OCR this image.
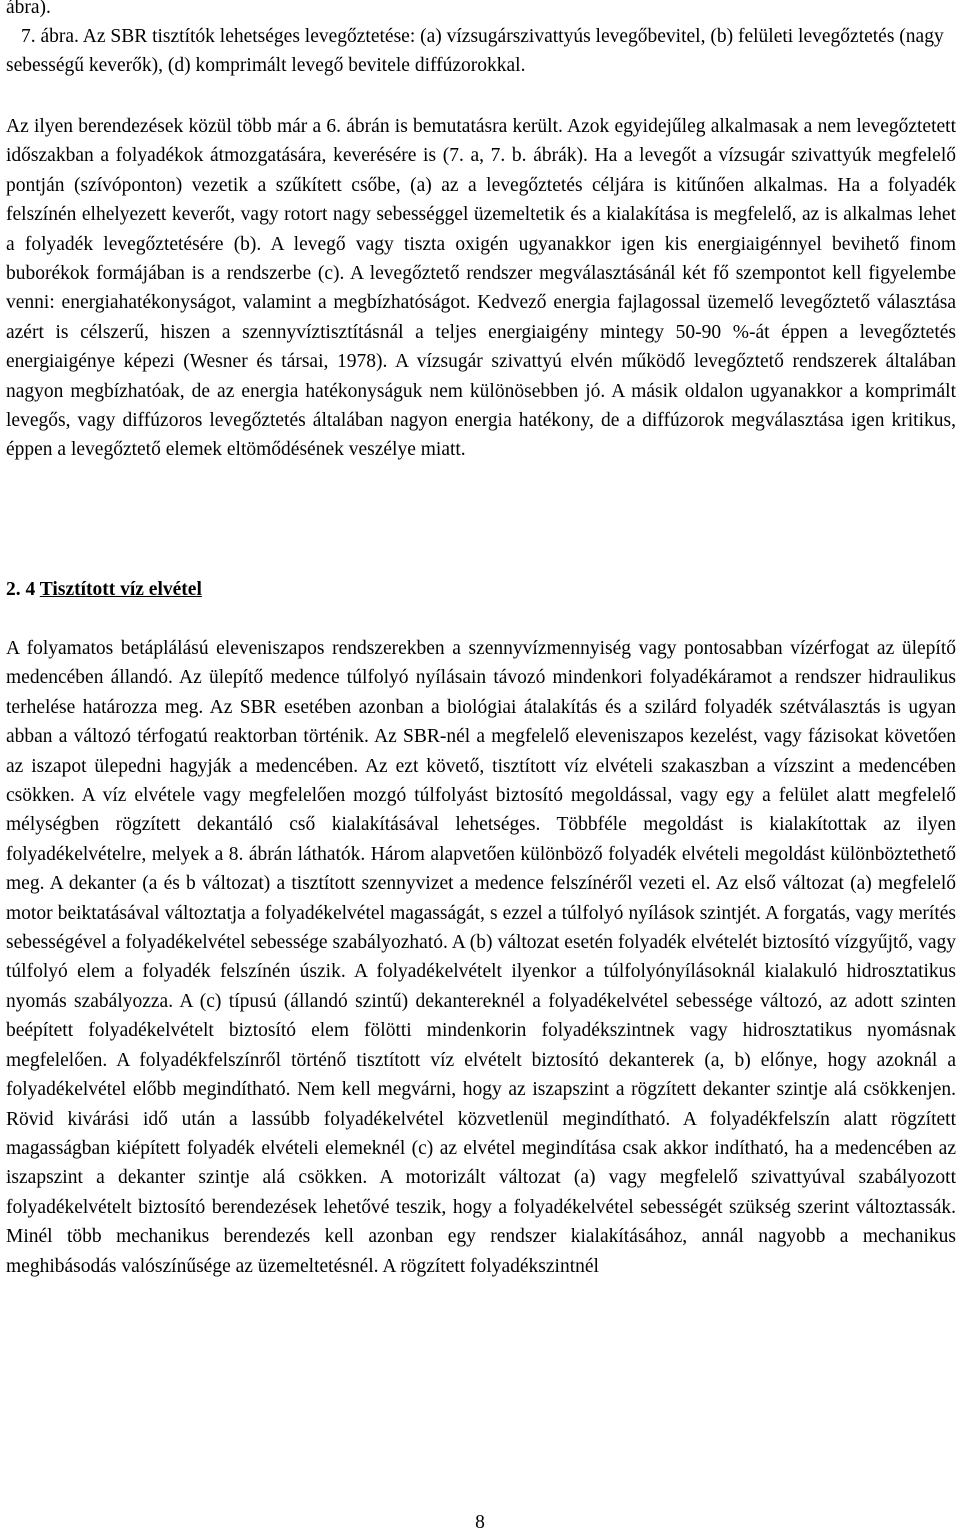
ábra).
7. ábra. Az SBR tisztítók lehetséges levegőztetése: (a) vízsugárszivattyús levegőbevitel, (b) felületi levegőztetés (nagy sebességű keverők), (d) komprimált levegő bevitele diffúzorokkal.

Az ilyen berendezések közül több már a 6. ábrán is bemutatásra került. Azok egyidejűleg alkalmasak a nem levegőztetett időszakban a folyadékok átmozgatására, keverésére is (7. a, 7. b. ábrák). Ha a levegőt a vízsugár szivattyúk megfelelő pontján (szívóponton) vezetik a szűkített csőbe, (a) az a levegőztetés céljára is kitűnően alkalmas. Ha a folyadék felszínén elhelyezett keverőt, vagy rotort nagy sebességgel üzemeltetik és a kialakítása is megfelelő, az is alkalmas lehet a folyadék levegőztetésére (b). A levegő vagy tiszta oxigén ugyanakkor igen kis energiaigénnyel bevihető finom buborékok formájában is a rendszerbe (c). A levegőztető rendszer megválasztásánál két fő szempontot kell figyelembe venni: energiahatékonyságot, valamint a megbízhatóságot. Kedvező energia fajlagossal üzemelő levegőztető választása azért is célszerű, hiszen a szennyvíztisztításnál a teljes energiaigény mintegy 50-90 %-át éppen a levegőztetés energiaigénye képezi (Wesner és társai, 1978). A vízsugár szivattyú elvén működő levegőztető rendszerek általában nagyon megbízhatóak, de az energia hatékonyságuk nem különösebben jó. A másik oldalon ugyanakkor a komprimált levegős, vagy diffúzoros levegőztetés általában nagyon energia hatékony, de a diffúzorok megválasztása igen kritikus, éppen a levegőztető elemek eltömődésének veszélye miatt.

2. 4 Tisztított víz elvétel

A folyamatos betáplálású eleveniszapos rendszerekben a szennyvízmennyiség vagy pontosabban vízérfogat az ülepítő medencében állandó. Az ülepítő medence túlfolyó nyílásain távozó mindenkori folyadékáramot a rendszer hidraulikus terhelése határozza meg. Az SBR esetében azonban a biológiai átalakítás és a szilárd folyadék szétválasztás is ugyan abban a változó térfogatú reaktorban történik. Az SBR-nél a megfelelő eleveniszapos kezelést, vagy fázisokat követően az iszapot ülepedni hagyják a medencében. Az ezt követő, tisztított víz elvételi szakaszban a vízszint a medencében csökken. A víz elvétele vagy megfelelően mozgó túlfolyást biztosító megoldással, vagy egy a felület alatt megfelelő mélységben rögzített dekantáló cső kialakításával lehetséges. Többféle megoldást is kialakítottak az ilyen folyadékelvételre, melyek a 8. ábrán láthatók. Három alapvetően különböző folyadék elvételi megoldást különböztethető meg. A dekanter (a és b változat) a tisztított szennyvizet a medence felszínéről vezeti el. Az első változat (a) megfelelő motor beiktatásával változtatja a folyadékelvétel magasságát, s ezzel a túlfolyó nyílások szintjét. A forgatás, vagy merítés sebességével a folyadékelvétel sebessége szabályozható. A (b) változat esetén folyadék elvételét biztosító vízgyűjtő, vagy túlfolyó elem a folyadék felszínén úszik. A folyadékelvételt ilyenkor a túlfolyónyílásoknál kialakuló hidrosztatikus nyomás szabályozza. A (c) típusú (állandó szintű) dekantereknél a folyadékelvétel sebessége változó, az adott szinten beépített folyadékelvételt biztosító elem fölötti mindenkorin folyadékszintnek vagy hidrosztatikus nyomásnak megfelelően. A folyadékfelszínről történő tisztított víz elvételt biztosító dekanterek (a, b) előnye, hogy azoknál a folyadékelvétel előbb megindítható. Nem kell megvárni, hogy az iszapszint a rögzített dekanter szintje alá csökkenjen. Rövid kivárási idő után a lassúbb folyadékelvétel közvetlenül megindítható. A folyadékfelszín alatt rögzített magasságban kiépített folyadék elvételi elemeknél (c) az elvétel megindítása csak akkor indítható, ha a medencében az iszapszint a dekanter szintje alá csökken. A motorizált változat (a) vagy megfelelő szivattyúval szabályozott folyadékelvételt biztosító berendezések lehetővé teszik, hogy a folyadékelvétel sebességét szükség szerint változtassák. Minél több mechanikus berendezés kell azonban egy rendszer kialakításához, annál nagyobb a mechanikus meghibásodás valószínűsége az üzemeltetésnél. A rögzített folyadékszintnél

8
